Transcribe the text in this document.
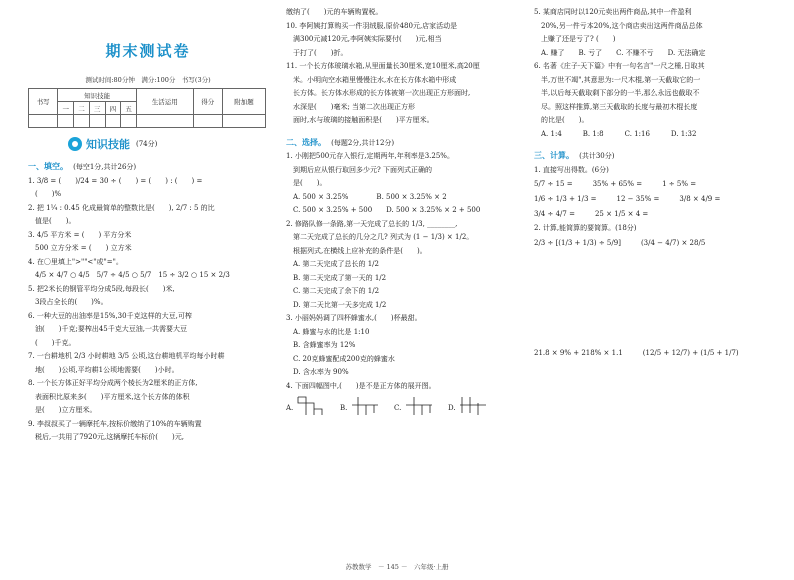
期末测试卷
测试时间:80分钟　满分:100分　书写(3分)
书写	知识技能					生活运用	得分	附加题
	一	二	三	四	五			

知识技能 (74分)
一、填空。 (每空1分,共计26分)

1. 3/8 = (　　)/24 = 30 ÷ (　　) = (　　) : (　　) =

　(　　)%

2. 把 1¼ : 0.45 化成最简单的整数比是(　　), 2/7 : 5 的比

　值是(　　)。

3. 4/5 平方米 = (　　) 平方分米

　500 立方分米 = (　　) 立方米

4. 在〇里填上">""<"或"="。

　4/5 × 4/7 ○ 4/5　5/7 ÷ 4/5 ○ 5/7　15 ÷ 3/2 ○ 15 × 2/3

5. 把2米长的钢管平均分成5段,每段长(　　)米,

　3段占全长的(　　)%。

6. 一种大豆的出油率是15%,30千克这样的大豆,可榨

　油(　　)千克;要榨出45千克大豆油,一共需要大豆

　(　　)千克。

7. 一台耕地机 2/3 小时耕地 3/5 公顷,这台耕地机平均每小时耕

　地(　　)公顷,平均耕1公顷地需要(　　)小时。

8. 一个长方体正好平均分成两个棱长为2厘米的正方体,

　表面积比原来多(　　)平方厘米,这个长方体的体积

　是(　　)立方厘米。

9. 李叔叔买了一辆摩托车,按标价缴纳了10%的车辆购置

　税后,一共用了7920元,这辆摩托车标价(　　)元,

缴纳了(　　)元的车辆购置税。

10. 李阿姨打算购买一件羽绒服,原价480元,店家活动是

　满300元减120元,李阿姨实际要付(　　)元,相当

　于打了(　　)折。

11. 一个长方体玻璃水箱,从里面量长30厘米,宽10厘米,高20厘

　米。小明向空水箱里慢慢注水,水在长方体水箱中形成

　长方体。长方体水形成的长方体被第一次出现正方形面时,

　水深是(　　)毫米; 当第二次出现正方形

　面时,水与玻璃的接触面积是(　　)平方厘米。

二、选择。 (每题2分,共计12分)

1. 小刚把500元存入银行,定期两年,年利率是3.25%。

　到期后应从银行取回多少元? 下面列式正确的

　是(　　)。

　A. 500 × 3.25%　　　　B. 500 × 3.25% × 2

　C. 500 × 3.25% + 500　　D. 500 × 3.25% × 2 + 500

2. 修路队修一条路,第一天完成了总长的 1/3, ________,

　第二天完成了总长的几分之几? 列式为 (1 − 1/3) × 1/2。

　根据列式,在横线上应补充的条件是(　　)。

　A. 第二天完成了总长的 1/2

　B. 第二天完成了第一天的 1/2

　C. 第二天完成了余下的 1/2

　D. 第二天比第一天多完成 1/2

3. 小丽妈妈调了四杯蜂蜜水,(　　)杯最甜。

　A. 蜂蜜与水的比是 1:10

　B. 含蜂蜜率为 12%

　C. 20克蜂蜜配成200克的蜂蜜水

　D. 含水率为 90%

4. 下面四幅图中,(　　)是不是正方体的展开图。

A.	B.	C.	D.

5. 某商店同时以120元卖出两件商品,其中一件盈利

　20%,另一件亏本20%,这个商店卖出这两件商品总体

　上赚了还是亏了? (　　)

　A. 赚了　　B. 亏了　　C. 不赚不亏　　D. 无法确定

6. 名著《庄子·天下篇》中有一句名言"一尺之棰,日取其

　半,万世不竭",其意思为:一尺木棍,第一天截取它的一

　半,以后每天截取剩下部分的一半,那么永远也截取不

　尽。照这样推算,第三天截取的长度与最初木棍长度

　的比是(　　)。

　A. 1:4　　　B. 1:8　　　C. 1:16　　　D. 1:32

三、计算。 (共计30分)
1. 直接写出得数。(6分)
5/7 ÷ 15 =	35% + 65% =	1 ÷ 5% =
1/6 ÷ 1/3 + 1/3 =	12 − 35% =	3/8 × 4/9 =
3/4 ÷ 4/7 =	25 × 1/5 × 4 =
2. 计算,能简算的要简算。(18分)
2/3 ÷ [(1/3 + 1/3) ÷ 5/9]	(3/4 − 4/7) × 28/5
21.8 × 9% + 218% × 1.1	(12/5 + 12/7) + (1/5 + 1/7)
苏教数学　－ 145 －　六年级·上册
